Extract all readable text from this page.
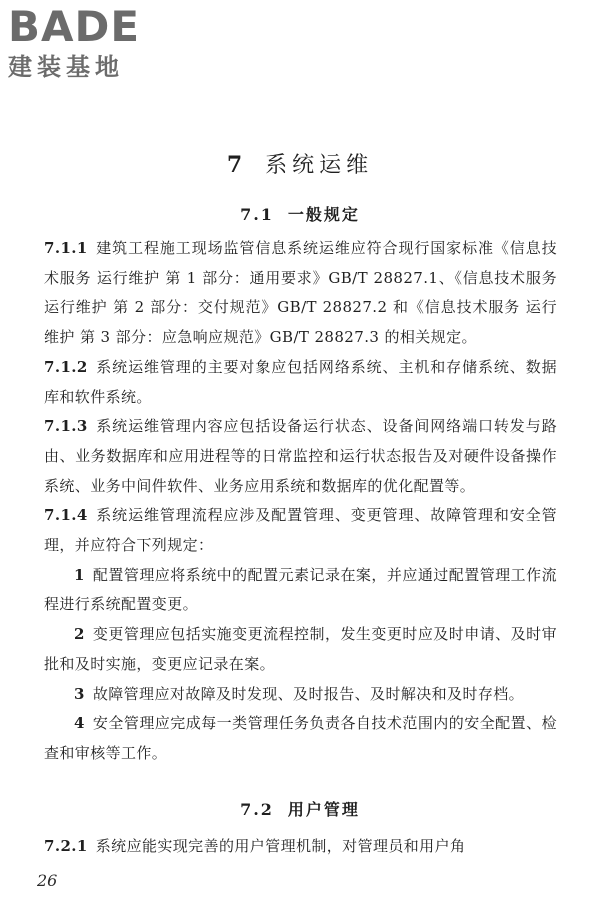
BADE
建装基地
7 系统运维
7.1 一般规定

7.1.1 建筑工程施工现场监管信息系统运维应符合现行国家标准《信息技术服务 运行维护 第 1 部分：通用要求》GB/T 28827.1、《信息技术服务 运行维护 第 2 部分：交付规范》GB/T 28827.2 和《信息技术服务 运行维护 第 3 部分：应急响应规范》GB/T 28827.3 的相关规定。

7.1.2 系统运维管理的主要对象应包括网络系统、主机和存储系统、数据库和软件系统。

7.1.3 系统运维管理内容应包括设备运行状态、设备间网络端口转发与路由、业务数据库和应用进程等的日常监控和运行状态报告及对硬件设备操作系统、业务中间件软件、业务应用系统和数据库的优化配置等。

7.1.4 系统运维管理流程应涉及配置管理、变更管理、故障管理和安全管理，并应符合下列规定：

1 配置管理应将系统中的配置元素记录在案，并应通过配置管理工作流程进行系统配置变更。

2 变更管理应包括实施变更流程控制，发生变更时应及时申请、及时审批和及时实施，变更应记录在案。

3 故障管理应对故障及时发现、及时报告、及时解决和及时存档。

4 安全管理应完成每一类管理任务负责各自技术范围内的安全配置、检查和审核等工作。

7.2 用户管理

7.2.1 系统应能实现完善的用户管理机制，对管理员和用户角

26
